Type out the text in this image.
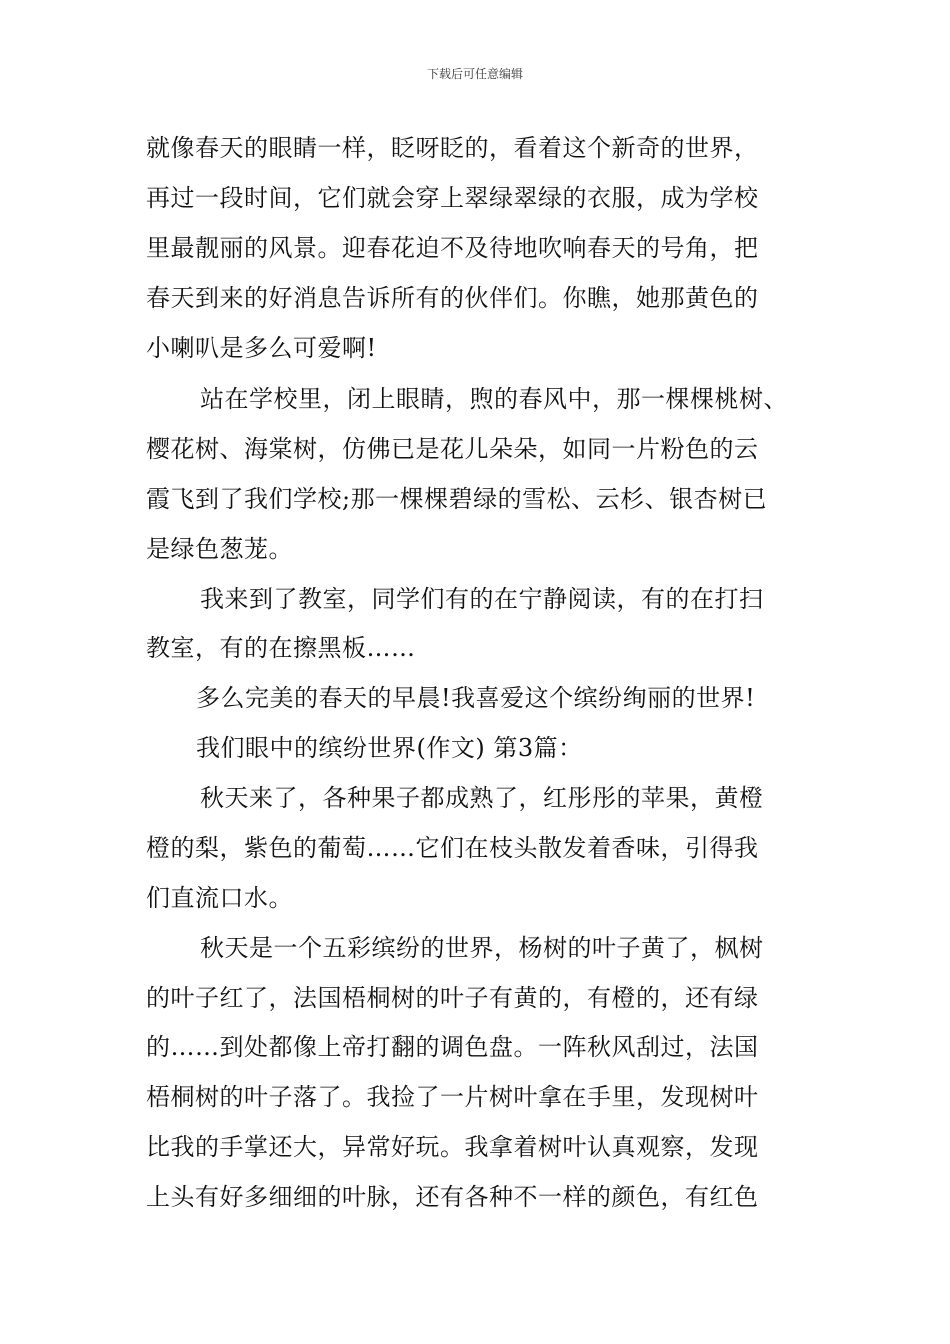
下载后可任意编辑
就像春天的眼睛一样，眨呀眨的，看着这个新奇的世界，
再过一段时间，它们就会穿上翠绿翠绿的衣服，成为学校
里最靓丽的风景。迎春花迫不及待地吹响春天的号角，把
春天到来的好消息告诉所有的伙伴们。你瞧，她那黄色的
小喇叭是多么可爱啊!
站在学校里，闭上眼睛，煦的春风中，那一棵棵桃树、
樱花树、海棠树，仿佛已是花儿朵朵，如同一片粉色的云
霞飞到了我们学校;那一棵棵碧绿的雪松、云杉、银杏树已
是绿色葱茏。
我来到了教室，同学们有的在宁静阅读，有的在打扫
教室，有的在擦黑板……
多么完美的春天的早晨!我喜爱这个缤纷绚丽的世界!
我们眼中的缤纷世界(作文) 第3篇：
秋天来了，各种果子都成熟了，红彤彤的苹果，黄橙
橙的梨，紫色的葡萄……它们在枝头散发着香味，引得我
们直流口水。
秋天是一个五彩缤纷的世界，杨树的叶子黄了，枫树
的叶子红了，法国梧桐树的叶子有黄的，有橙的，还有绿
的……到处都像上帝打翻的调色盘。一阵秋风刮过，法国
梧桐树的叶子落了。我捡了一片树叶拿在手里，发现树叶
比我的手掌还大，异常好玩。我拿着树叶认真观察，发现
上头有好多细细的叶脉，还有各种不一样的颜色，有红色
